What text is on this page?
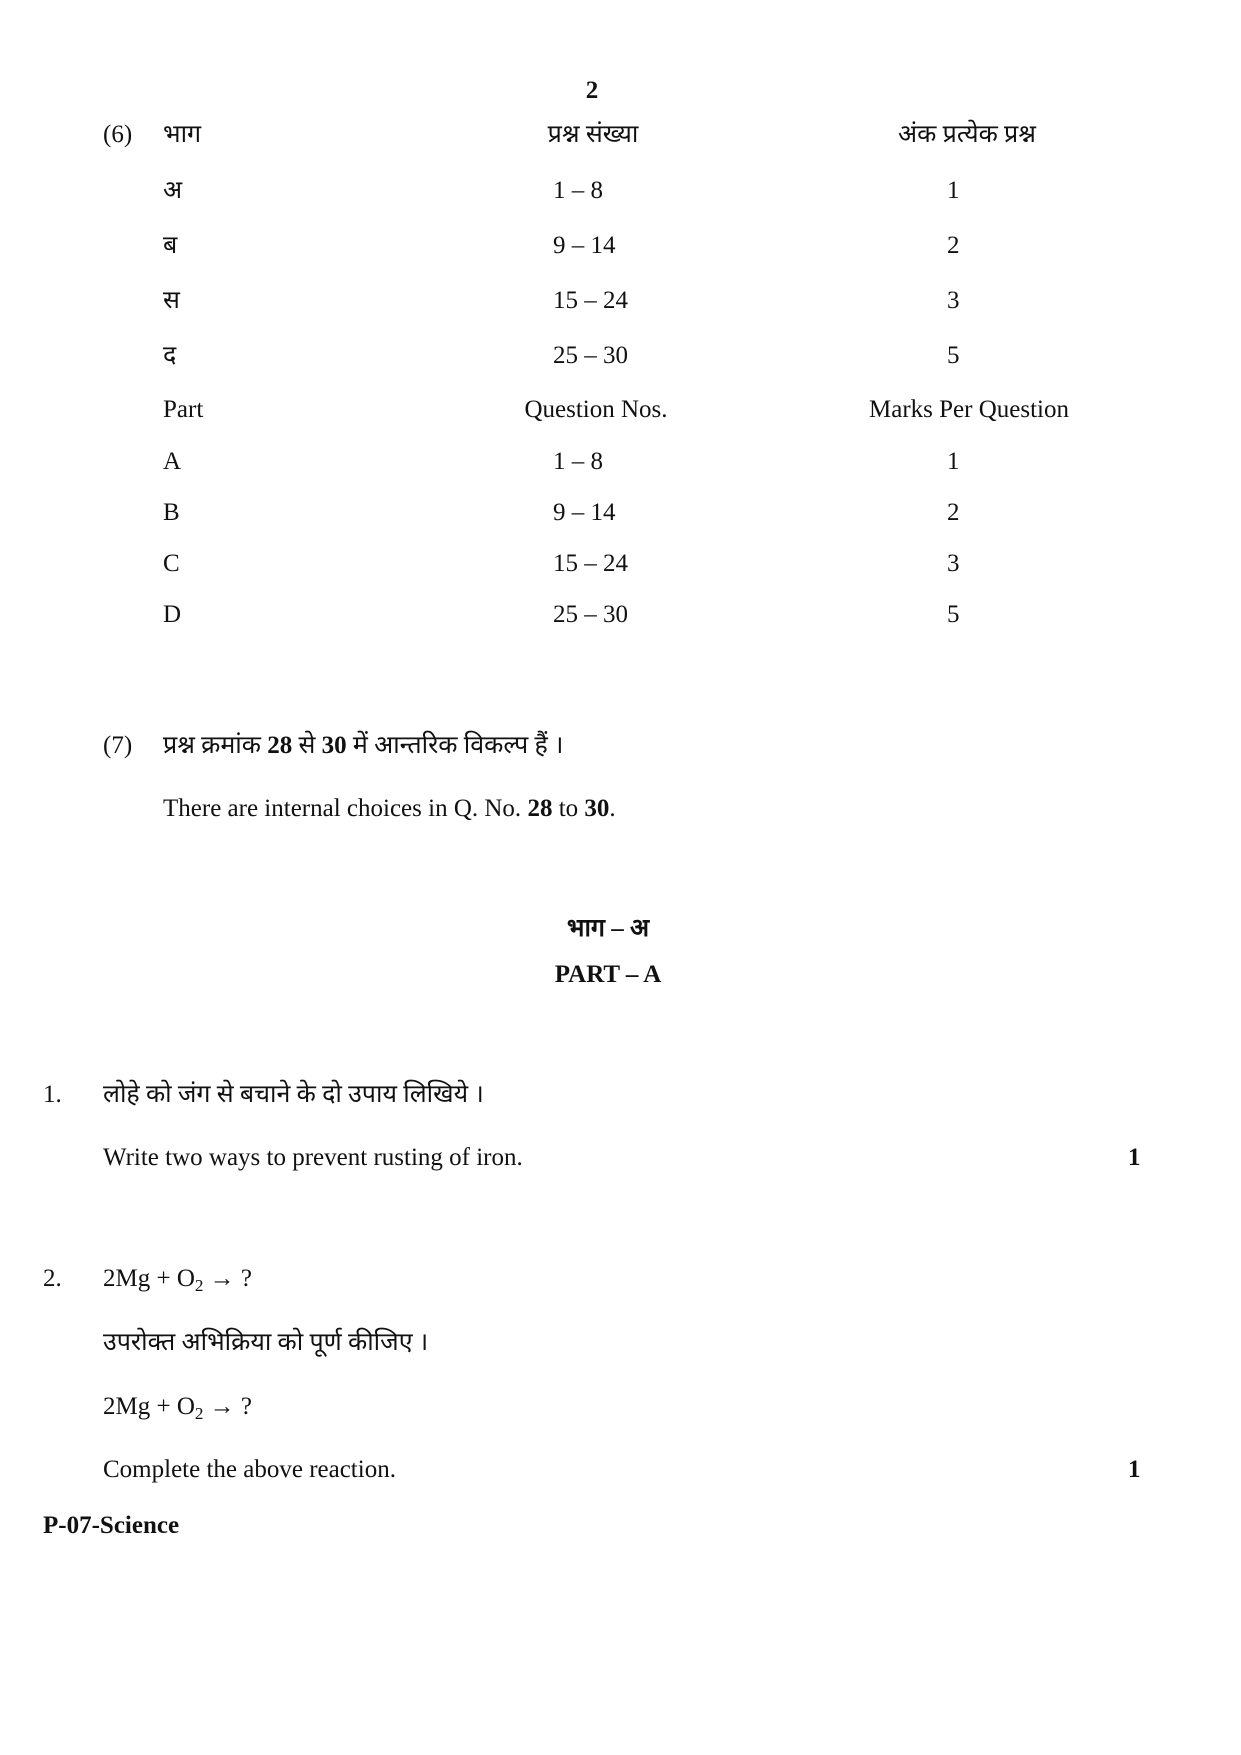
2
(6) भाग	प्रश्न संख्या	अंक प्रत्येक प्रश्न
अ	1 – 8	1
ब	9 – 14	2
स	15 – 24	3
द	25 – 30	5
Part	Question Nos.	Marks Per Question
A	1 – 8	1
B	9 – 14	2
C	15 – 24	3
D	25 – 30	5
(7) प्रश्न क्रमांक 28 से 30 में आन्तरिक विकल्प हैं ।
There are internal choices in Q. No. 28 to 30.
भाग – अ
PART – A
1. लोहे को जंग से बचाने के दो उपाय लिखिये ।
Write two ways to prevent rusting of iron.	1
2. $2Mg + O_2$ → ?
उपरोक्त अभिक्रिया को पूर्ण कीजिए ।
$2Mg + O_2$ → ?
Complete the above reaction.	1
P-07-Science
